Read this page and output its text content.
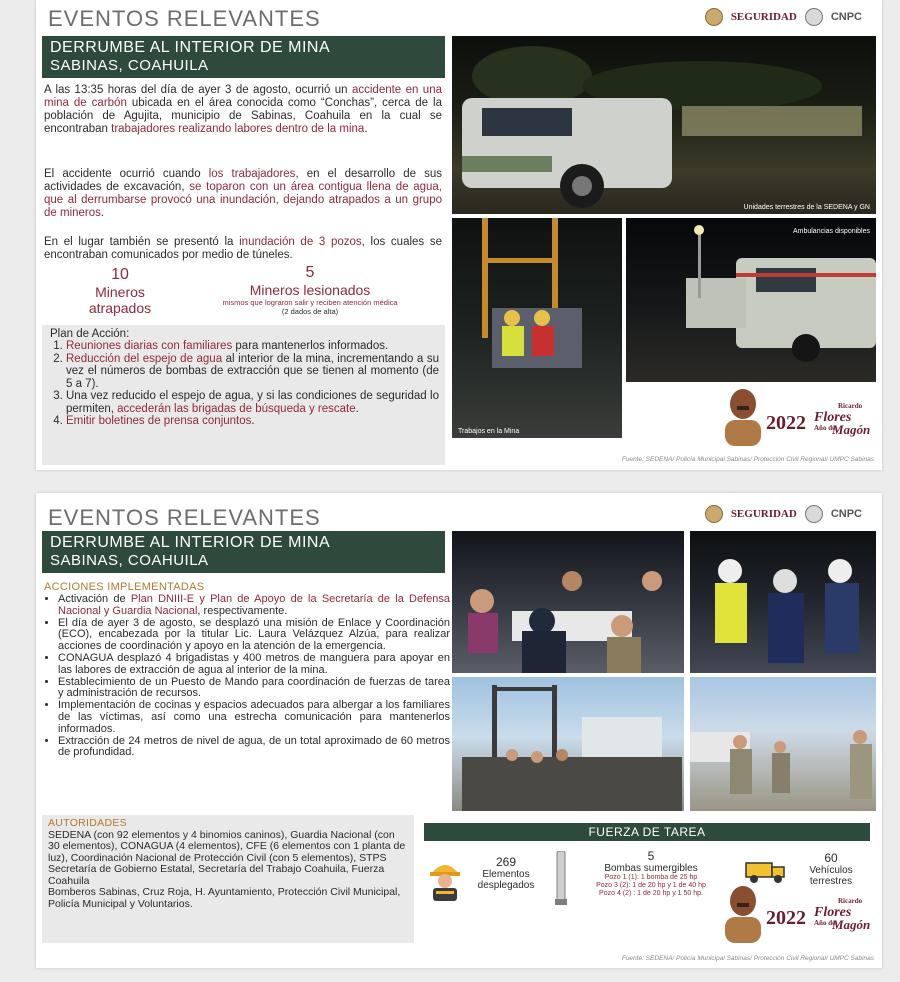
EVENTOS RELEVANTES	SEGURIDAD	CNPC
DERRUMBE AL INTERIOR DE MINA
SABINAS, COAHUILA
A las 13:35 horas del día de ayer 3 de agosto, ocurrió un accidente en una mina de carbón ubicada en el área conocida como “Conchas”, cerca de la población de Agujita, municipio de Sabinas, Coahuila en la cual se encontraban trabajadores realizando labores dentro de la mina.
El accidente ocurrió cuando los trabajadores, en el desarrollo de sus actividades de excavación, se toparon con un área contigua llena de agua, que al derrumbarse provocó una inundación, dejando atrapados a un grupo de mineros.
En el lugar también se presentó la inundación de 3 pozos, los cuales se encontraban comunicados por medio de túneles.
10
Mineros
atrapados
5
Mineros lesionados
mismos que lograron salir y reciben atención médica
(2 dados de alta)
Plan de Acción:
1. Reuniones diarias con familiares para mantenerlos informados.
2. Reducción del espejo de agua al interior de la mina, incrementando a su vez el números de bombas de extracción que se tienen al momento (de 5 a 7).
3. Una vez reducido el espejo de agua, y si las condiciones de seguridad lo permiten, accederán las brigadas de búsqueda y rescate.
4. Emitir boletines de prensa conjuntos.
Unidades terrestres de la SEDENA y GN
Trabajos en la Mina
Ambulancias disponibles
2022
Ricardo
Flores
Año de
Magón
Fuente: SEDENA/ Policía Municipal Sabinas/ Protección Civil Regional/ UMPC Sabinas
EVENTOS RELEVANTES	SEGURIDAD	CNPC
DERRUMBE AL INTERIOR DE MINA
SABINAS, COAHUILA
ACCIONES IMPLEMENTADAS
• Activación de Plan DNIII-E y Plan de Apoyo de la Secretaría de la Defensa Nacional y Guardia Nacional, respectivamente.
• El día de ayer 3 de agosto, se desplazó una misión de Enlace y Coordinación (ECO), encabezada por la titular Lic. Laura Velázquez Alzúa, para realizar acciones de coordinación y apoyo en la atención de la emergencia.
• CONAGUA desplazó 4 brigadistas y 400 metros de manguera para apoyar en las labores de extracción de agua al interior de la mina.
• Establecimiento de un Puesto de Mando para coordinación de fuerzas de tarea y administración de recursos.
• Implementación de cocinas y espacios adecuados para albergar a los familiares de las víctimas, así como una estrecha comunicación para mantenerlos informados.
• Extracción de 24 metros de nivel de agua, de un total aproximado de 60 metros de profundidad.
AUTORIDADES
SEDENA (con 92 elementos y 4 binomios caninos), Guardia Nacional (con 30 elementos), CONAGUA (4 elementos), CFE (6 elementos con 1 planta de luz), Coordinación Nacional de Protección Civil (con 5 elementos), STPS
Secretaría de Gobierno Estatal, Secretaría del Trabajo Coahuila, Fuerza Coahuila
Bomberos Sabinas, Cruz Roja, H. Ayuntamiento, Protección Civil Municipal, Policía Municipal y Voluntarios.
FUERZA DE TAREA
269
Elementos
desplegados
5
Bombas sumergibles
Pozo 1 (1): 1 bomba de 25 hp
Pozo 3 (2): 1 de 20 hp y 1 de 40 hp
Pozo 4 (2) : 1 de 20 hp y 1 50 hp.
60
Vehículos
terrestres
2022
Ricardo
Flores
Año de
Magón
Fuente: SEDENA/ Policía Municipal Sabinas/ Protección Civil Regional/ UMPC Sabinas
